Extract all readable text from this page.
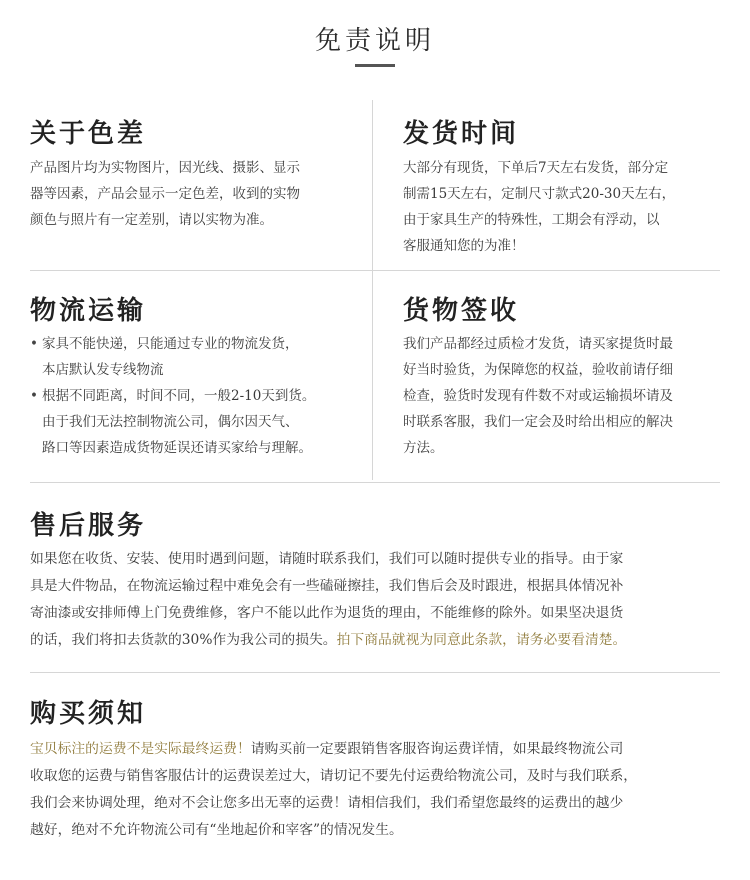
免责说明
关于色差
产品图片均为实物图片，因光线、摄影、显示
器等因素，产品会显示一定色差，收到的实物
颜色与照片有一定差别，请以实物为准。
发货时间
大部分有现货，下单后7天左右发货，部分定
制需15天左右，定制尺寸款式20-30天左右，
由于家具生产的特殊性，工期会有浮动，以
客服通知您的为准！
物流运输
• 家具不能快递，只能通过专业的物流发货，
本店默认发专线物流
• 根据不同距离，时间不同，一般2-10天到货。
由于我们无法控制物流公司，偶尔因天气、
路口等因素造成货物延误还请买家给与理解。
货物签收
我们产品都经过质检才发货，请买家提货时最
好当时验货，为保障您的权益，验收前请仔细
检查，验货时发现有件数不对或运输损坏请及
时联系客服，我们一定会及时给出相应的解决
方法。
售后服务
如果您在收货、安装、使用时遇到问题，请随时联系我们，我们可以随时提供专业的指导。由于家
具是大件物品，在物流运输过程中难免会有一些磕碰擦挂，我们售后会及时跟进，根据具体情况补
寄油漆或安排师傅上门免费维修，客户不能以此作为退货的理由，不能维修的除外。如果坚决退货
的话，我们将扣去货款的30%作为我公司的损失。拍下商品就视为同意此条款，请务必要看清楚。
购买须知
宝贝标注的运费不是实际最终运费！请购买前一定要跟销售客服咨询运费详情，如果最终物流公司
收取您的运费与销售客服估计的运费误差过大，请切记不要先付运费给物流公司，及时与我们联系，
我们会来协调处理，绝对不会让您多出无辜的运费！请相信我们，我们希望您最终的运费出的越少
越好，绝对不允许物流公司有“坐地起价和宰客”的情况发生。
